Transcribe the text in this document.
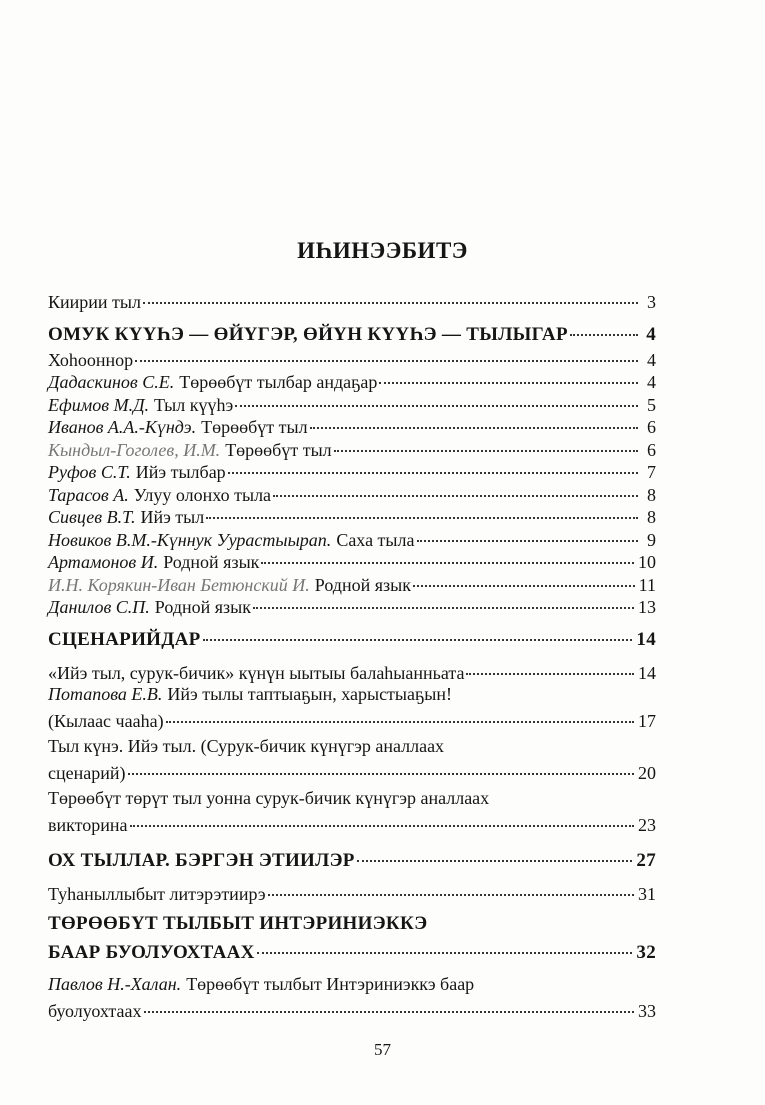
ИҺИНЭЭБИТЭ
Киирии тыл	3
ОМУК КҮҮҺЭ — ӨЙҮГЭР, ӨЙҮН КҮҮҺЭ — ТЫЛЫГАР	4
Хоһооннор	4
Дадаскинов С.Е. Төрөөбүт тылбар андаҕар	4
Ефимов М.Д. Тыл күүһэ	5
Иванов А.А.-Күндэ. Төрөөбүт тыл	6
Кындыл-Гоголев, И.М. Төрөөбүт тыл	6
Руфов С.Т. Ийэ тылбар	7
Тарасов А. Улуу олонхо тыла	8
Сивцев В.Т. Ийэ тыл	8
Новиков В.М.-Күннук Уурастыырап. Саха тыла	9
Артамонов И. Родной язык	10
И.Н. Корякин-Иван Бетюнский И. Родной язык	11
Данилов С.П. Родной язык	13
СЦЕНАРИЙДАР	14
«Ийэ тыл, сурук-бичик» күнүн ыытыы балаһыанньата	14
Потапова Е.В. Ийэ тылы таптыаҕын, харыстыаҕын!
(Кылаас чааһа)	17
Тыл күнэ. Ийэ тыл. (Сурук-бичик күнүгэр аналлаах
сценарий)	20
Төрөөбүт төрүт тыл уонна сурук-бичик күнүгэр аналлаах
викторина	23
ОХ ТЫЛЛАР. БЭРГЭН ЭТИИЛЭР	27
Туһаныллыбыт литэрэтиирэ	31
ТӨРӨӨБҮТ ТЫЛБЫТ ИНТЭРИНИЭККЭ
БААР БУОЛУОХТААХ	32
Павлов Н.-Халан. Төрөөбүт тылбыт Интэриниэккэ баар
буолуохтаах	33
57
